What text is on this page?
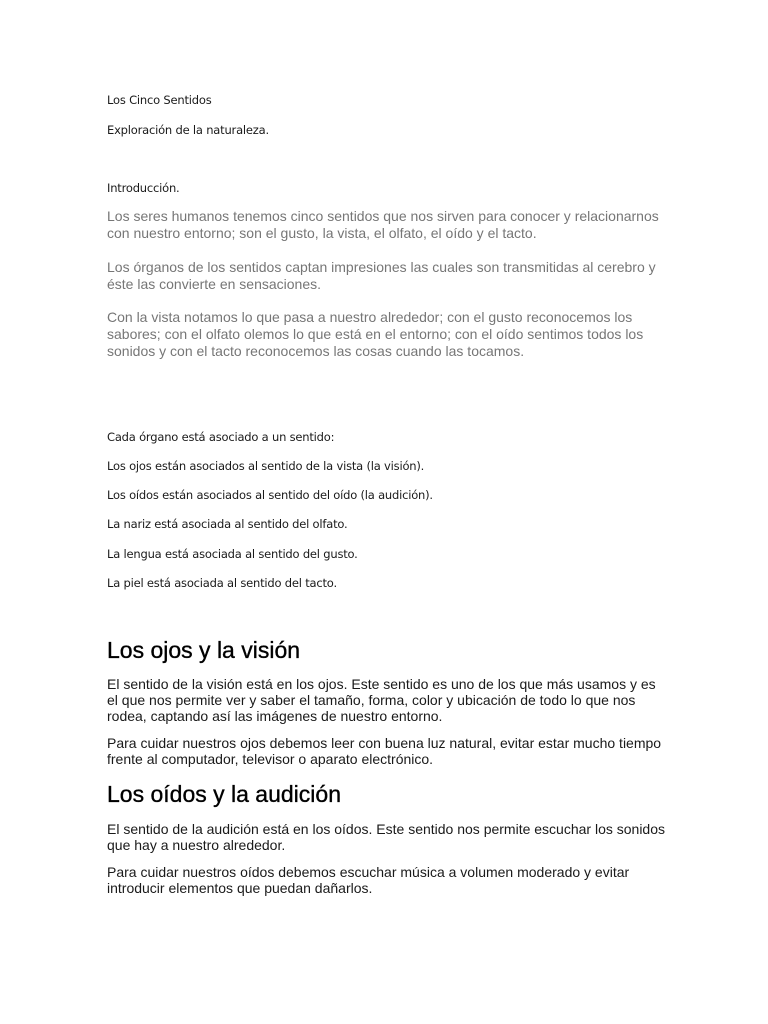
Los Cinco Sentidos

Exploración de la naturaleza.

Introducción.

Los seres humanos tenemos cinco sentidos que nos sirven para conocer y relacionarnos con nuestro entorno; son el gusto, la vista, el olfato, el oído y el tacto.

Los órganos de los sentidos captan impresiones las cuales son transmitidas al cerebro y éste las convierte en sensaciones.

Con la vista notamos lo que pasa a nuestro alrededor; con el gusto reconocemos los sabores; con el olfato olemos lo que está en el entorno; con el oído sentimos todos los sonidos y con el tacto reconocemos las cosas cuando las tocamos.

Cada órgano está asociado a un sentido:

Los ojos están asociados al sentido de la vista (la visión).

Los oídos están asociados al sentido del oído (la audición).

La nariz está asociada al sentido del olfato.

La lengua está asociada al sentido del gusto.

La piel está asociada al sentido del tacto.

Los ojos y la visión

El sentido de la visión está en los ojos. Este sentido es uno de los que más usamos y es el que nos permite ver y saber el tamaño, forma, color y ubicación de todo lo que nos rodea, captando así las imágenes de nuestro entorno.

Para cuidar nuestros ojos debemos leer con buena luz natural, evitar estar mucho tiempo frente al computador, televisor o aparato electrónico.

Los oídos y la audición

El sentido de la audición está en los oídos. Este sentido nos permite escuchar los sonidos que hay a nuestro alrededor.

Para cuidar nuestros oídos debemos escuchar música a volumen moderado y evitar introducir elementos que puedan dañarlos.
